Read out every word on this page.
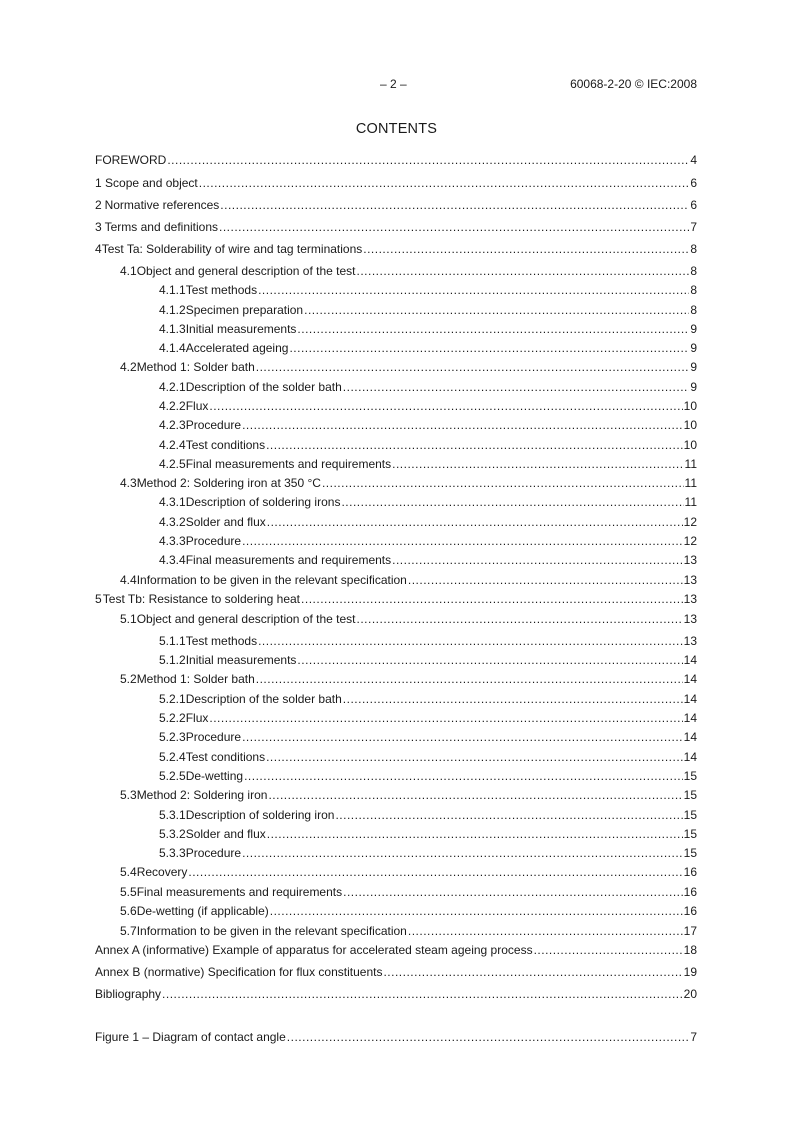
– 2 –	60068-2-20 © IEC:2008
CONTENTS
FOREWORD .....	4
1 Scope and object .....	6
2 Normative references .....	6
3 Terms and definitions .....	7
4 Test Ta: Solderability of wire and tag terminations .....	8
4.1 Object and general description of the test .....	8
4.1.1 Test methods .....	8
4.1.2 Specimen preparation .....	8
4.1.3 Initial measurements .....	9
4.1.4 Accelerated ageing .....	9
4.2 Method 1: Solder bath .....	9
4.2.1 Description of the solder bath .....	9
4.2.2 Flux .....	10
4.2.3 Procedure .....	10
4.2.4 Test conditions .....	10
4.2.5 Final measurements and requirements .....	11
4.3 Method 2: Soldering iron at 350 °C .....	11
4.3.1 Description of soldering irons .....	11
4.3.2 Solder and flux .....	12
4.3.3 Procedure .....	12
4.3.4 Final measurements and requirements .....	13
4.4 Information to be given in the relevant specification .....	13
5 Test Tb: Resistance to soldering heat .....	13
5.1 Object and general description of the test .....	13
5.1.1 Test methods .....	13
5.1.2 Initial measurements .....	14
5.2 Method 1: Solder bath .....	14
5.2.1 Description of the solder bath .....	14
5.2.2 Flux .....	14
5.2.3 Procedure .....	14
5.2.4 Test conditions .....	14
5.2.5 De-wetting .....	15
5.3 Method 2: Soldering iron .....	15
5.3.1 Description of soldering iron .....	15
5.3.2 Solder and flux .....	15
5.3.3 Procedure .....	15
5.4 Recovery .....	16
5.5 Final measurements and requirements .....	16
5.6 De-wetting (if applicable) .....	16
5.7 Information to be given in the relevant specification .....	17
Annex A (informative) Example of apparatus for accelerated steam ageing process .....	18
Annex B (normative) Specification for flux constituents .....	19
Bibliography .....	20
Figure 1 – Diagram of contact angle .....	7
